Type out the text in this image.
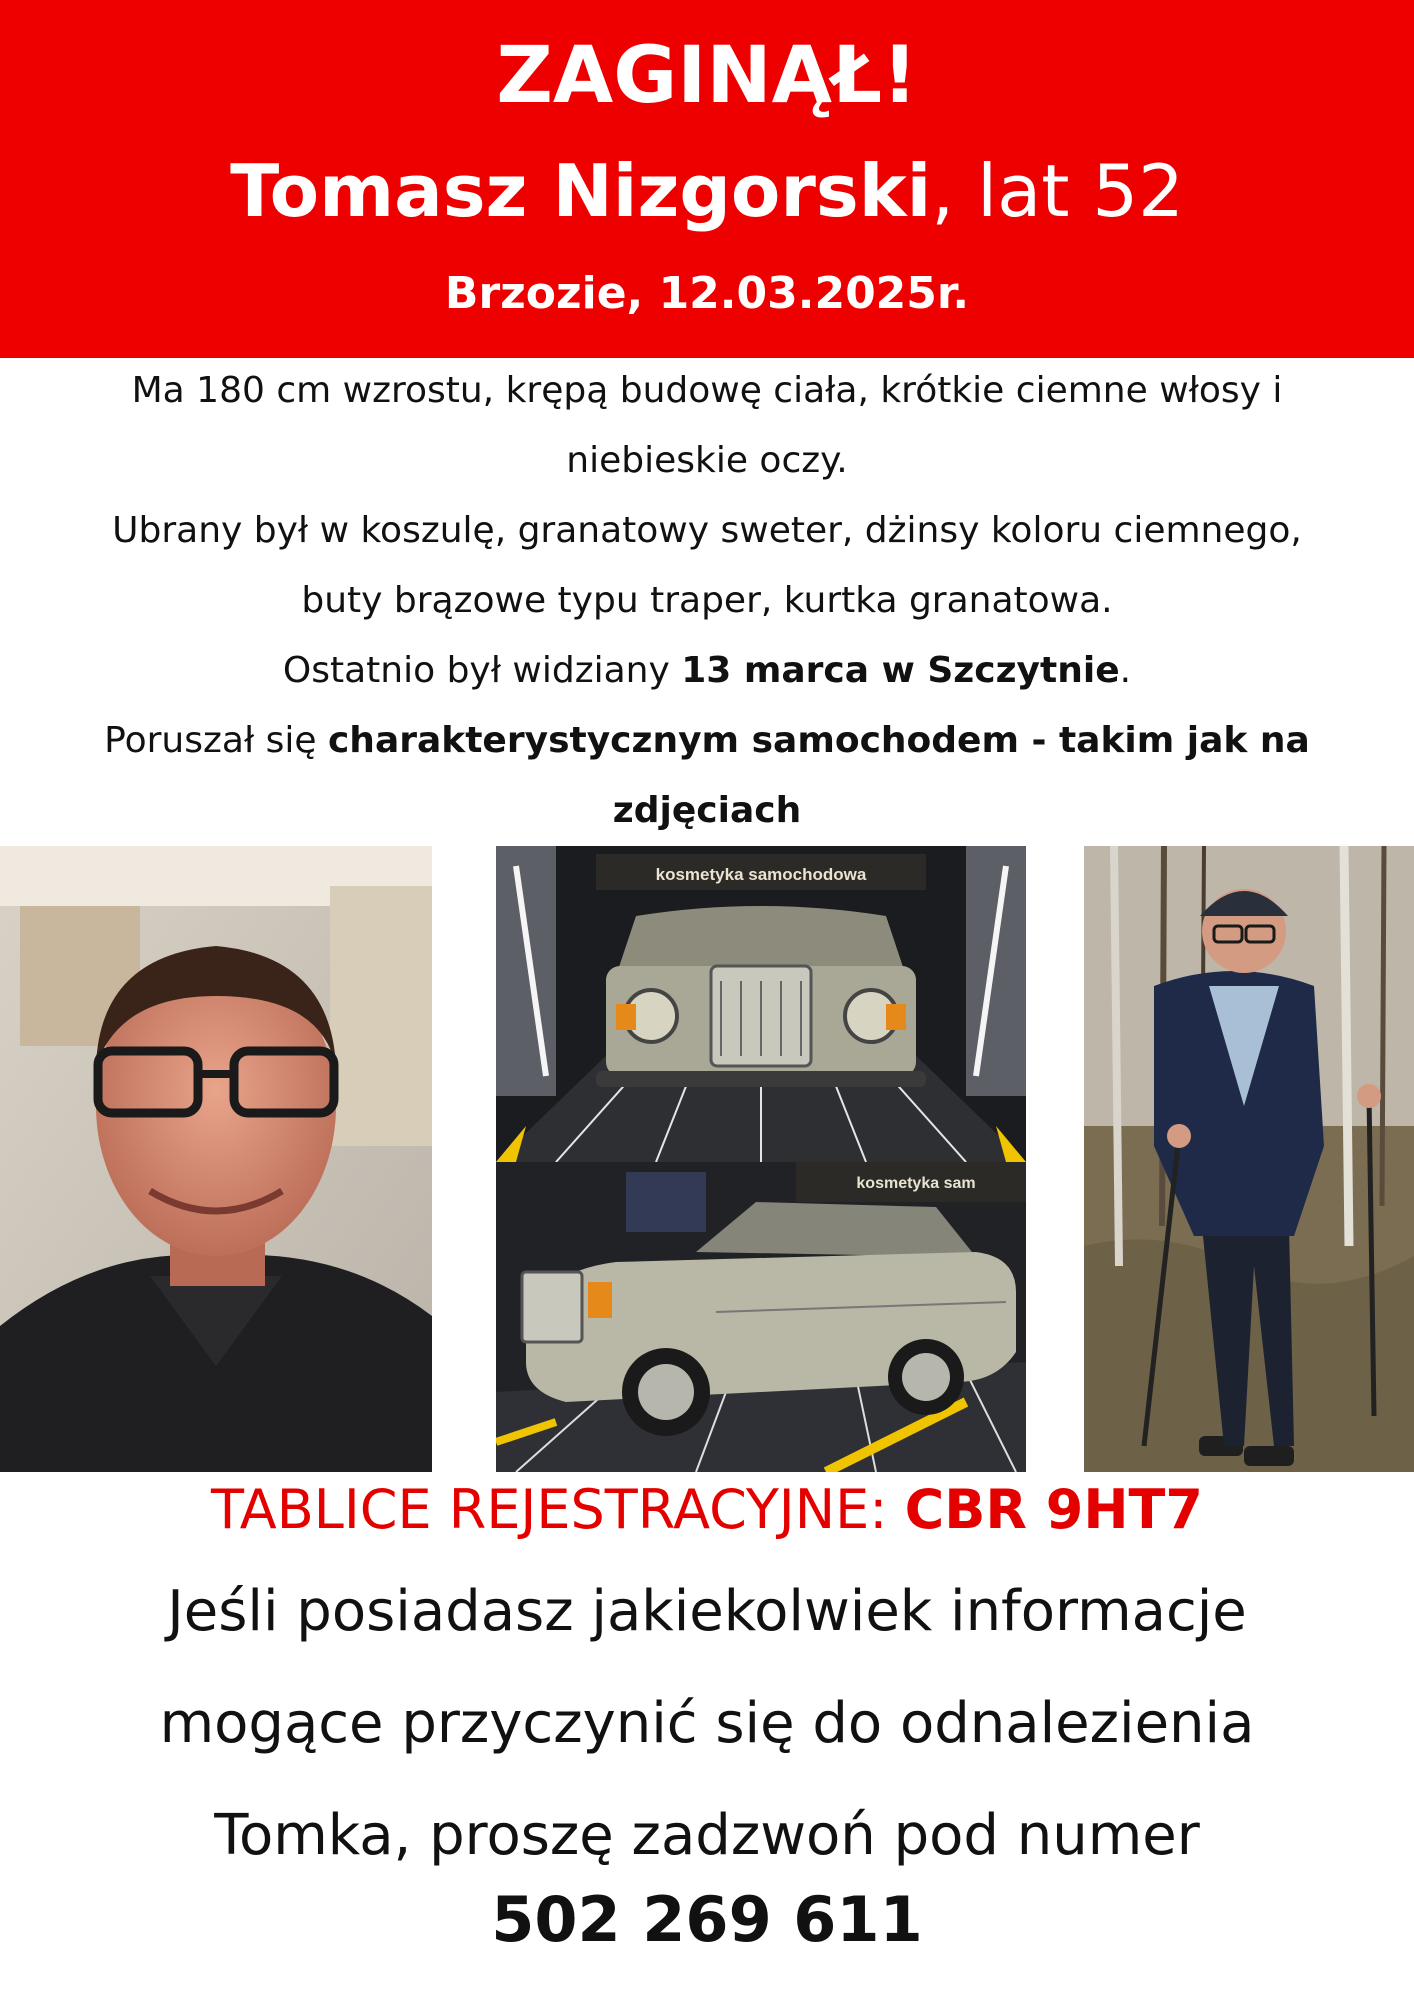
ZAGINĄŁ!
Tomasz Nizgorski, lat 52
Brzozie, 12.03.2025r.
Ma 180 cm wzrostu, krępą budowę ciała, krótkie ciemne włosy i
niebieskie oczy.
Ubrany był w koszulę, granatowy sweter, dżinsy koloru ciemnego,
buty brązowe typu traper, kurtka granatowa.
Ostatnio był widziany 13 marca w Szczytnie.
Poruszał się charakterystycznym samochodem - takim jak na
zdjęciach
kosmetyka samochodowa
kosmetyka sam
TABLICE REJESTRACYJNE: CBR 9HT7
Jeśli posiadasz jakiekolwiek informacje
mogące przyczynić się do odnalezienia
Tomka, proszę zadzwoń pod numer
502 269 611
